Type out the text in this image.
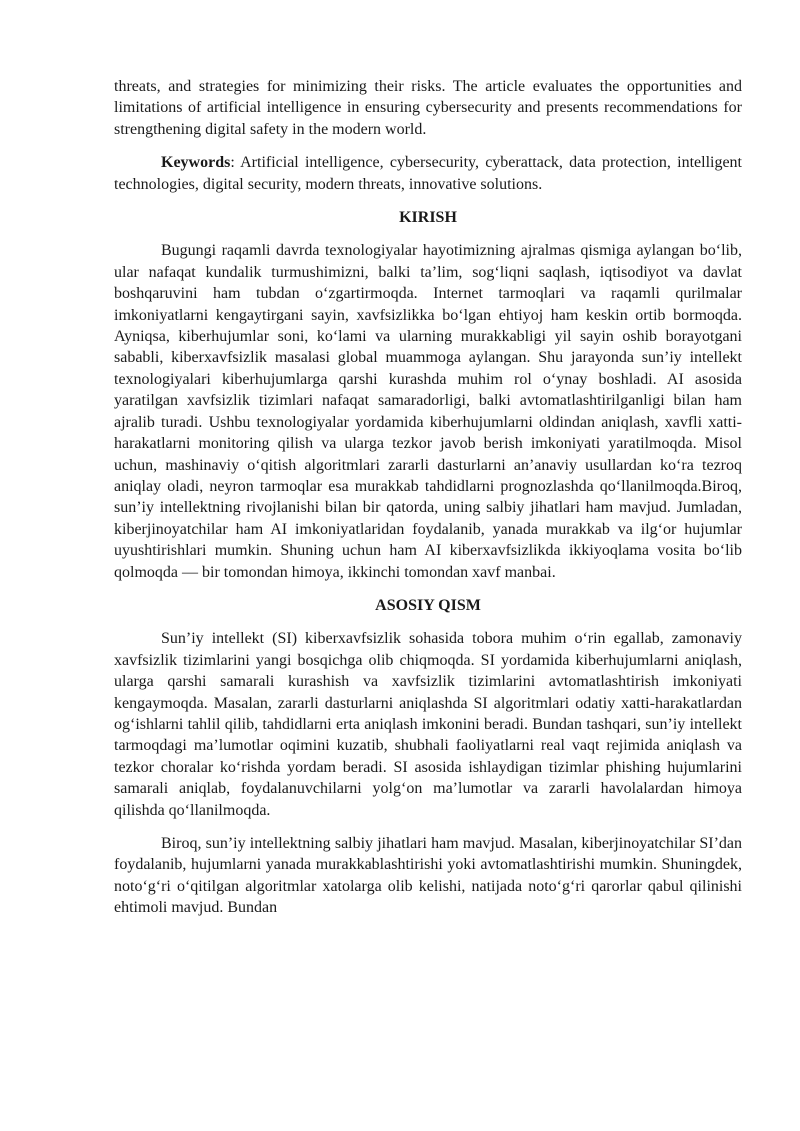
threats, and strategies for minimizing their risks. The article evaluates the opportunities and limitations of artificial intelligence in ensuring cybersecurity and presents recommendations for strengthening digital safety in the modern world.

Keywords: Artificial intelligence, cybersecurity, cyberattack, data protection, intelligent technologies, digital security, modern threats, innovative solutions.

KIRISH

Bugungi raqamli davrda texnologiyalar hayotimizning ajralmas qismiga aylangan bo‘lib, ular nafaqat kundalik turmushimizni, balki ta’lim, sog‘liqni saqlash, iqtisodiyot va davlat boshqaruvini ham tubdan o‘zgartirmoqda. Internet tarmoqlari va raqamli qurilmalar imkoniyatlarni kengaytirgani sayin, xavfsizlikka bo‘lgan ehtiyoj ham keskin ortib bormoqda. Ayniqsa, kiberhujumlar soni, ko‘lami va ularning murakkabligi yil sayin oshib borayotgani sababli, kiberxavfsizlik masalasi global muammoga aylangan. Shu jarayonda sun’iy intellekt texnologiyalari kiberhujumlarga qarshi kurashda muhim rol o‘ynay boshladi. AI asosida yaratilgan xavfsizlik tizimlari nafaqat samaradorligi, balki avtomatlashtirilganligi bilan ham ajralib turadi. Ushbu texnologiyalar yordamida kiberhujumlarni oldindan aniqlash, xavfli xatti-harakatlarni monitoring qilish va ularga tezkor javob berish imkoniyati yaratilmoqda. Misol uchun, mashinaviy o‘qitish algoritmlari zararli dasturlarni an’anaviy usullardan ko‘ra tezroq aniqlay oladi, neyron tarmoqlar esa murakkab tahdidlarni prognozlashda qo‘llanilmoqda.Biroq, sun’iy intellektning rivojlanishi bilan bir qatorda, uning salbiy jihatlari ham mavjud. Jumladan, kiberjinoyatchilar ham AI imkoniyatlaridan foydalanib, yanada murakkab va ilg‘or hujumlar uyushtirishlari mumkin. Shuning uchun ham AI kiberxavfsizlikda ikkiyoqlama vosita bo‘lib qolmoqda — bir tomondan himoya, ikkinchi tomondan xavf manbai.

ASOSIY QISM

Sun’iy intellekt (SI) kiberxavfsizlik sohasida tobora muhim o‘rin egallab, zamonaviy xavfsizlik tizimlarini yangi bosqichga olib chiqmoqda. SI yordamida kiberhujumlarni aniqlash, ularga qarshi samarali kurashish va xavfsizlik tizimlarini avtomatlashtirish imkoniyati kengaymoqda. Masalan, zararli dasturlarni aniqlashda SI algoritmlari odatiy xatti-harakatlardan og‘ishlarni tahlil qilib, tahdidlarni erta aniqlash imkonini beradi. Bundan tashqari, sun’iy intellekt tarmoqdagi ma’lumotlar oqimini kuzatib, shubhali faoliyatlarni real vaqt rejimida aniqlash va tezkor choralar ko‘rishda yordam beradi. SI asosida ishlaydigan tizimlar phishing hujumlarini samarali aniqlab, foydalanuvchilarni yolg‘on ma’lumotlar va zararli havolalardan himoya qilishda qo‘llanilmoqda.

Biroq, sun’iy intellektning salbiy jihatlari ham mavjud. Masalan, kiberjinoyatchilar SI’dan foydalanib, hujumlarni yanada murakkablashtirishi yoki avtomatlashtirishi mumkin. Shuningdek, noto‘g‘ri o‘qitilgan algoritmlar xatolarga olib kelishi, natijada noto‘g‘ri qarorlar qabul qilinishi ehtimoli mavjud. Bundan
